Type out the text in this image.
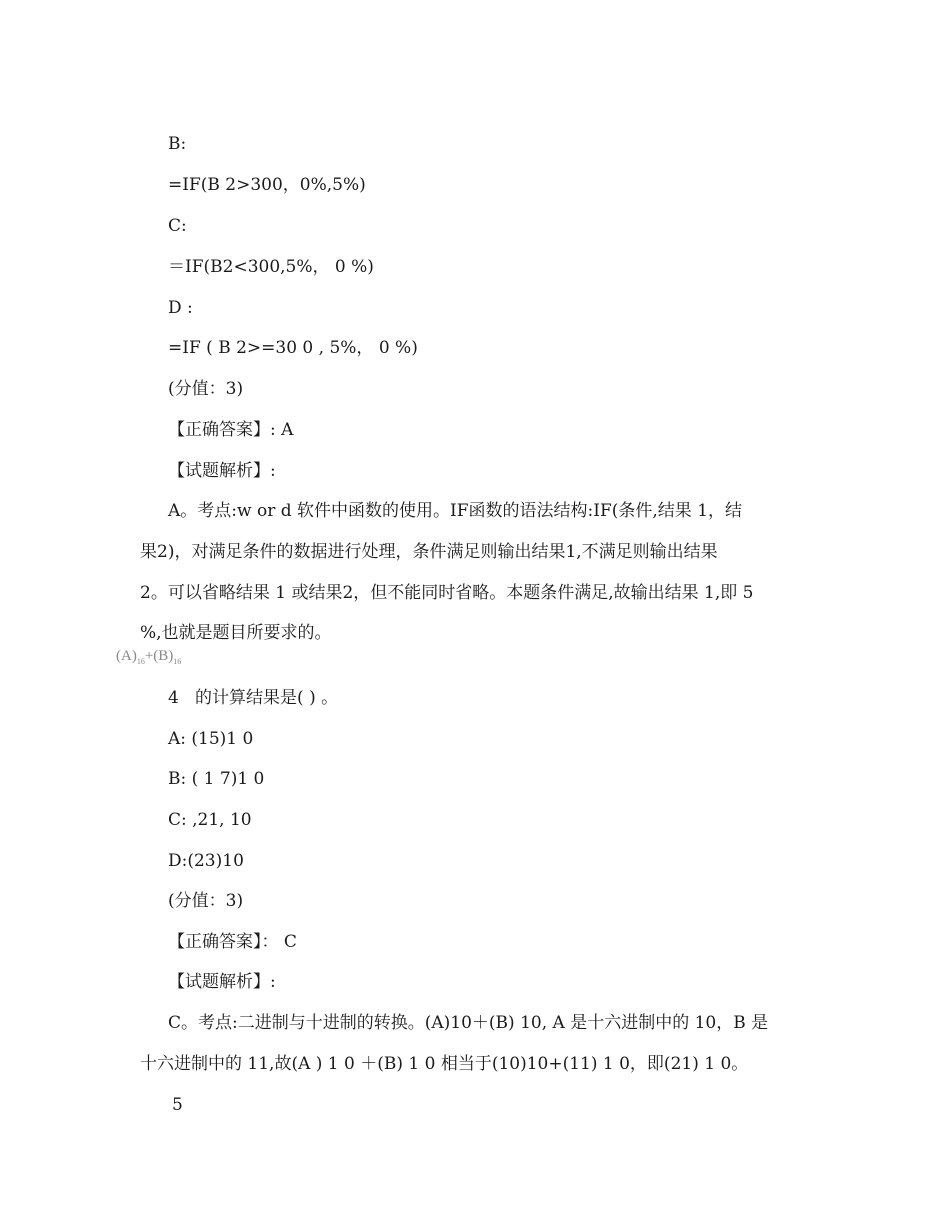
B:
=IF(B 2>300，0%,5%)
C:
＝IF(B2<300,5%， 0 %)
D :
=IF ( B 2>=30 0 , 5%， 0 %)
(分值：3)
【正确答案】: A
【试题解析】:
A。考点:w or d 软件中函数的使用。IF函数的语法结构:IF(条件,结果 1，结
果2)，对满足条件的数据进行处理，条件满足则输出结果1,不满足则输出结果
2。可以省略结果 1 或结果2，但不能同时省略。本题条件满足,故输出结果 1,即 5
%,也就是题目所要求的。
$(A)_{16}+(B)_{16}$
4   的计算结果是( ) 。
A: (15)1 0
B: ( 1 7)1 0
C: ,21, 10
D:(23)10
(分值：3)
【正确答案】： C
【试题解析】:
C。考点:二进制与十进制的转换。(A)10＋(B) 10, A 是十六进制中的 10，B 是
十六进制中的 11,故(A ) 1 0 ＋(B) 1 0 相当于(10)10+(11) 1 0，即(21) 1 0。
5
